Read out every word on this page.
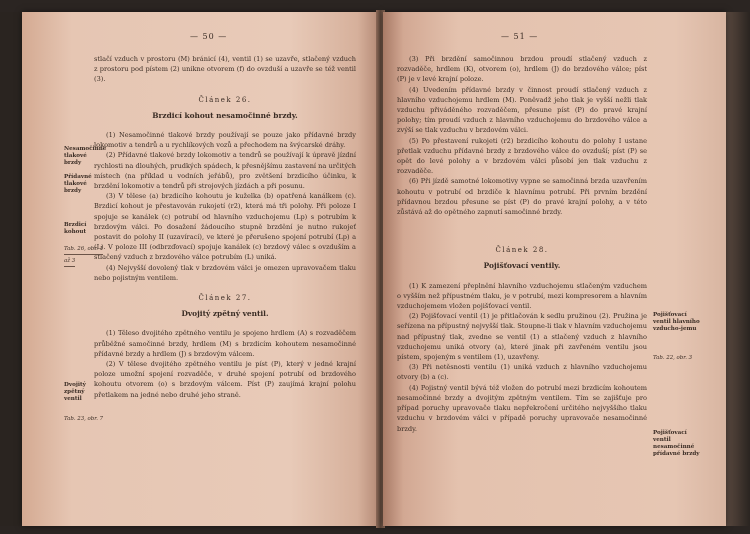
— 50 —

stlačí vzduch v prostoru (M) bránicí (4), ventil (1) se uzavře, stlačený vzduch z prostoru pod pístem (2) unikne otvorem (f) do ovzduší a uzavře se též ventil (3).

Článek 26.
Brzdicí kohout nesamočinné brzdy.

(1) Nesamočinné tlakové brzdy používají se pouze jako přídavné brzdy lokomotiv a tendrů a u rychlíkových vozů a přechodem na švýcarské dráhy.

(2) Přídavné tlakové brzdy lokomotiv a tendrů se používají k úpravě jízdní rychlosti na dlouhých, prudkých spádech, k přesnějšímu zastavení na určitých místech (na příklad u vodních jeřábů), pro zvětšení brzdicího účinku, k brzdění lokomotiv a tendrů při strojových jízdách a při posunu.

(3) V tělese (a) brzdicího kohoutu je kuželka (b) opatřená kanálkem (c). Brzdicí kohout je přestavován rukojetí (r2), která má tři polohy. Při poloze I spojuje se kanálek (c) potrubí od hlavního vzduchojemu (Lp) s potrubím k brzdovým válci. Po dosažení žádoucího stupně brzdění je nutno rukojeť postavit do polohy II (uzavírací), ve které je přerušeno spojení potrubí (Lp) a (L). V poloze III (odbrzďovací) spojuje kanálek (c) brzdový válec s ovzduším a stlačený vzduch z brzdového válce potrubím (L) uniká.

(4) Nejvyšší dovolený tlak v brzdovém válci je omezen upravovačem tlaku nebo pojistným ventilem.

Článek 27.
Dvojitý zpětný ventil.

(1) Těleso dvojitého zpětného ventilu je spojeno hrdlem (A) s rozvaděčem průběžné samočinné brzdy, hrdlem (M) s brzdicím kohoutem nesamočinné přídavné brzdy a hrdlem (J) s brzdovým válcem.

(2) V tělese dvojitého zpětného ventilu je píst (P), který v jedné krajní poloze umožní spojení rozvaděče, v druhé spojení potrubí od brzdového kohoutu otvorem (o) s brzdovým válcem. Píst (P) zaujímá krajní polohu přetlakem na jedné nebo druhé jeho straně.

Nesamočinné tlakové brzdy
Přídavné tlakové brzdy
Brzdicí kohout
Tab. 26, obr. 1
až 3
Dvojitý zpětný ventil
Tab. 23, obr. 7
— 51 —

(3) Při brzdění samočinnou brzdou proudí stlačený vzduch z rozvaděče, hrdlem (K), otvorem (o), hrdlem (J) do brzdového válce; píst (P) je v levé krajní poloze.

(4) Uvedením přídavné brzdy v činnost proudí stlačený vzduch z hlavního vzduchojemu hrdlem (M). Poněvadž jeho tlak je vyšší nežli tlak vzduchu přiváděného rozvaděčem, přesune píst (P) do pravé krajní polohy; tím proudí vzduch z hlavního vzduchojemu do brzdového válce a zvýší se tlak vzduchu v brzdovém válci.

(5) Po přestavení rukojeti (r2) brzdicího kohoutu do polohy I ustane přetlak vzduchu přídavné brzdy z brzdového válce do ovzduší; píst (P) se opět do levé polohy a v brzdovém válci působí jen tlak vzduchu z rozvaděče.

(6) Při jízdě samotné lokomotivy vypne se samočinná brzda uzavřením kohoutu v potrubí od brzdiče k hlavnímu potrubí. Při prvním brzdění přídavnou brzdou přesune se píst (P) do pravé krajní polohy, a v této zůstává až do opětného zapnutí samočinné brzdy.

Článek 28.
Pojišťovací ventily.

(1) K zamezení přeplnění hlavního vzduchojemu stlačeným vzduchem o vyšším než přípustném tlaku, je v potrubí, mezi kompresorem a hlavním vzduchojemem vložen pojišťovací ventil.

(2) Pojišťovací ventil (1) je přitlačován k sedlu pružinou (2). Pružina je seřízena na přípustný nejvyšší tlak. Stoupne-li tlak v hlavním vzduchojemu nad přípustný tlak, zvedne se ventil (1) a stlačený vzduch z hlavního vzduchojemu uniká otvory (a), které jinak při zavřeném ventilu jsou pístem, spojeným s ventilem (1), uzavřeny.

(3) Při netěsnosti ventilu (1) uniká vzduch z hlavního vzduchojemu otvory (b) a (c).

(4) Pojistný ventil bývá též vložen do potrubí mezi brzdicím kohoutem nesamočinné brzdy a dvojitým zpětným ventilem. Tím se zajišťuje pro případ poruchy upravovače tlaku nepřekročení určitého nejvyššího tlaku vzduchu v brzdovém válci v případě poruchy upravovače nesamočinné brzdy.

Pojišťovací ventil hlavního vzducho-jemu
Tab. 22, obr. 3
Pojišťovací ventil nesamočinné přídavné brzdy
